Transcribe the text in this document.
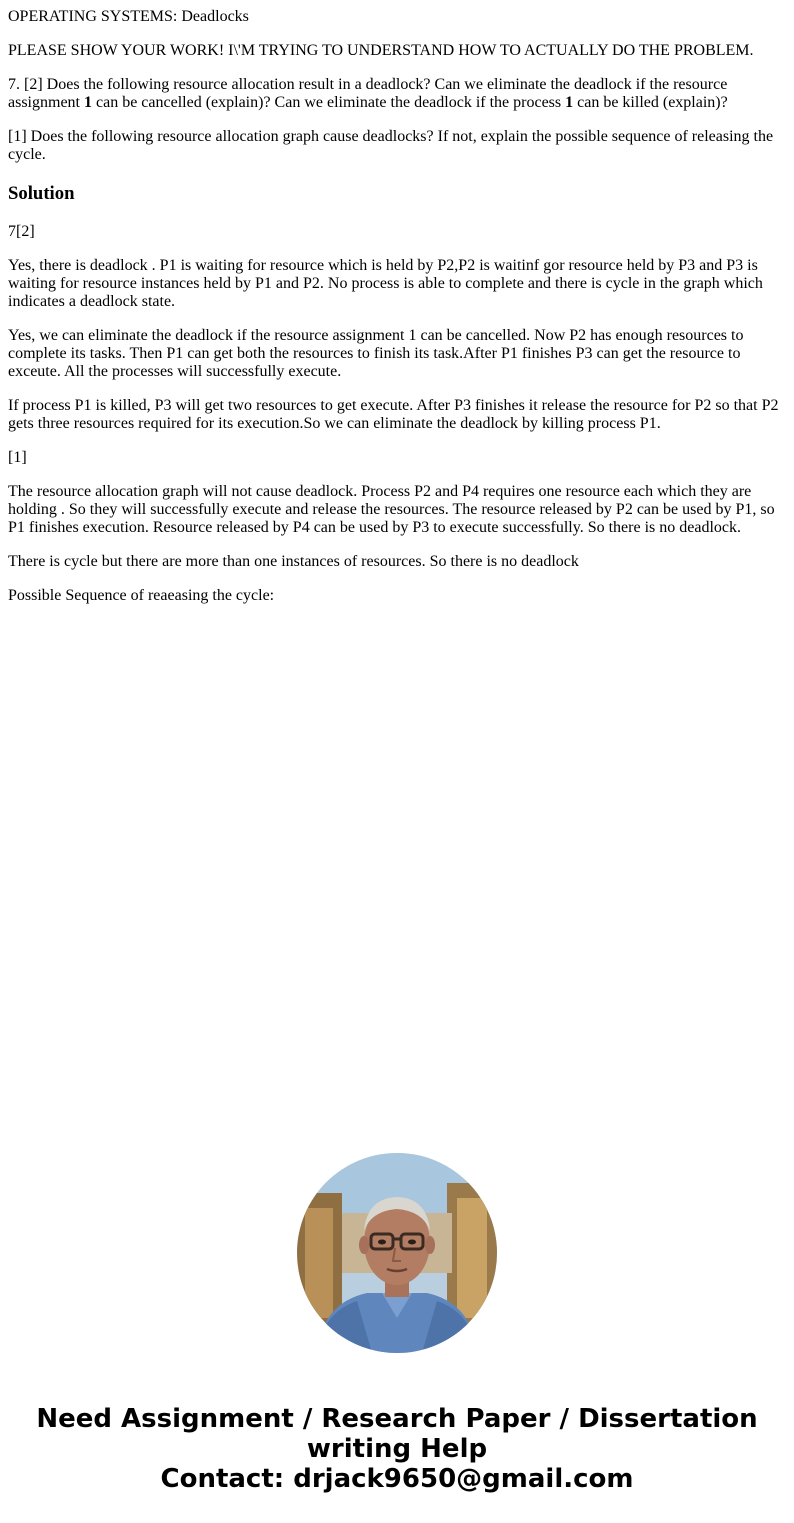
OPERATING SYSTEMS: Deadlocks

PLEASE SHOW YOUR WORK! I\'M TRYING TO UNDERSTAND HOW TO ACTUALLY DO THE PROBLEM.

7. [2] Does the following resource allocation result in a deadlock? Can we eliminate the deadlock if the resource assignment 1 can be cancelled (explain)? Can we eliminate the deadlock if the process 1 can be killed (explain)?

[1] Does the following resource allocation graph cause deadlocks? If not, explain the possible sequence of releasing the cycle.

Solution

7[2]

Yes, there is deadlock . P1 is waiting for resource which is held by P2,P2 is waitinf gor resource held by P3 and P3 is waiting for resource instances held by P1 and P2. No process is able to complete and there is cycle in the graph which indicates a deadlock state.

Yes, we can eliminate the deadlock if the resource assignment 1 can be cancelled. Now P2 has enough resources to complete its tasks. Then P1 can get both the resources to finish its task.After P1 finishes P3 can get the resource to exceute. All the processes will successfully execute.

If process P1 is killed, P3 will get two resources to get execute. After P3 finishes it release the resource for P2 so that P2 gets three resources required for its execution.So we can eliminate the deadlock by killing process P1.

[1]

The resource allocation graph will not cause deadlock. Process P2 and P4 requires one resource each which they are holding . So they will successfully execute and release the resources. The resource released by P2 can be used by P1, so P1 finishes execution. Resource released by P4 can be used by P3 to execute successfully. So there is no deadlock.

There is cycle but there are more than one instances of resources. So there is no deadlock

Possible Sequence of reaeasing the cycle:

Need Assignment / Research Paper / Dissertation
writing Help
Contact: drjack9650@gmail.com
